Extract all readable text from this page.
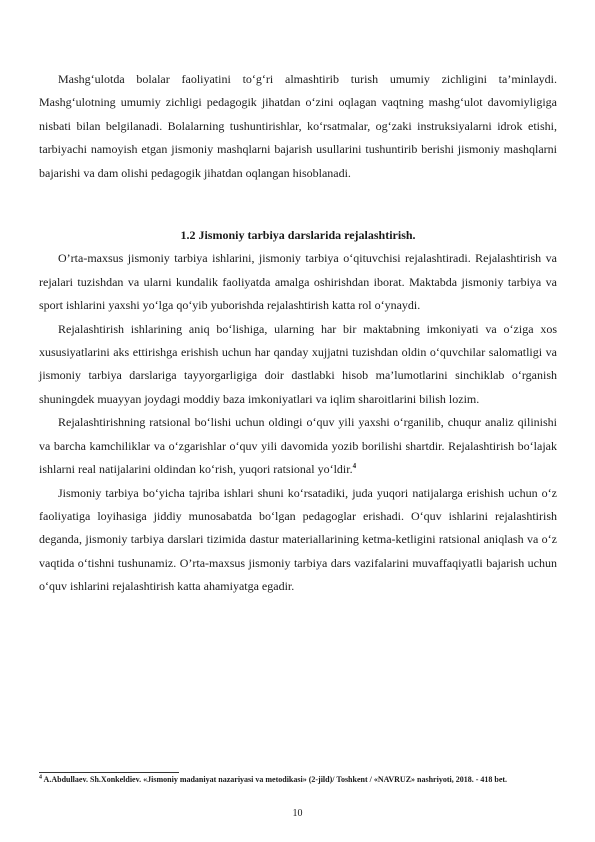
Mashg‘ulotda bolalar faoliyatini to‘g‘ri almashtirib turish umumiy zichligini ta’minlaydi. Mashg‘ulotning umumiy zichligi pedagogik jihatdan o‘zini oqlagan vaqtning mashg‘ulot davomiyligiga nisbati bilan belgilanadi. Bolalarning tushuntirishlar, ko‘rsatmalar, og‘zaki instruksiyalarni idrok etishi, tarbiyachi namoyish etgan jismoniy mashqlarni bajarish usullarini tushuntirib berishi jismoniy mashqlarni bajarishi va dam olishi pedagogik jihatdan oqlangan hisoblanadi.

1.2 Jismoniy tarbiya darslarida rejalashtirish.

O’rta-maxsus jismoniy tarbiya ishlarini, jismoniy tarbiya o‘qituvchisi rejalashtiradi. Rejalashtirish va rejalari tuzishdan va ularni kundalik faoliyatda amalga oshirishdan iborat. Maktabda jismoniy tarbiya va sport ishlarini yaxshi yo‘lga qo‘yib yuborishda rejalashtirish katta rol o‘ynaydi.

Rejalashtirish ishlarining aniq bo‘lishiga, ularning har bir maktabning imkoniyati va o‘ziga xos xususiyatlarini aks ettirishga erishish uchun har qanday xujjatni tuzishdan oldin o‘quvchilar salomatligi va jismoniy tarbiya darslariga tayyorgarligiga doir dastlabki hisob ma’lumotlarini sinchiklab o‘rganish shuningdek muayyan joydagi moddiy baza imkoniyatlari va iqlim sharoitlarini bilish lozim.

Rejalashtirishning ratsional bo‘lishi uchun oldingi o‘quv yili yaxshi o‘rganilib, chuqur analiz qilinishi va barcha kamchiliklar va o‘zgarishlar o‘quv yili davomida yozib borilishi shartdir. Rejalashtirish bo‘lajak ishlarni real natijalarini oldindan ko‘rish, yuqori ratsional yo‘ldir.$^4$

Jismoniy tarbiya bo‘yicha tajriba ishlari shuni ko‘rsatadiki, juda yuqori natijalarga erishish uchun o‘z faoliyatiga loyihasiga jiddiy munosabatda bo‘lgan pedagoglar erishadi. O‘quv ishlarini rejalashtirish deganda, jismoniy tarbiya darslari tizimida dastur materiallarining ketma-ketligini ratsional aniqlash va o‘z vaqtida o‘tishni tushunamiz. O’rta-maxsus jismoniy tarbiya dars vazifalarini muvaffaqiyatli bajarish uchun o‘quv ishlarini rejalashtirish katta ahamiyatga egadir.

$^4$ A.Abdullaev. Sh.Xonkeldiev. «Jismoniy madaniyat nazariyasi va metodikasi» (2-jild)/ Toshkent / «NAVRUZ» nashriyoti, 2018. - 418 bet.
10
